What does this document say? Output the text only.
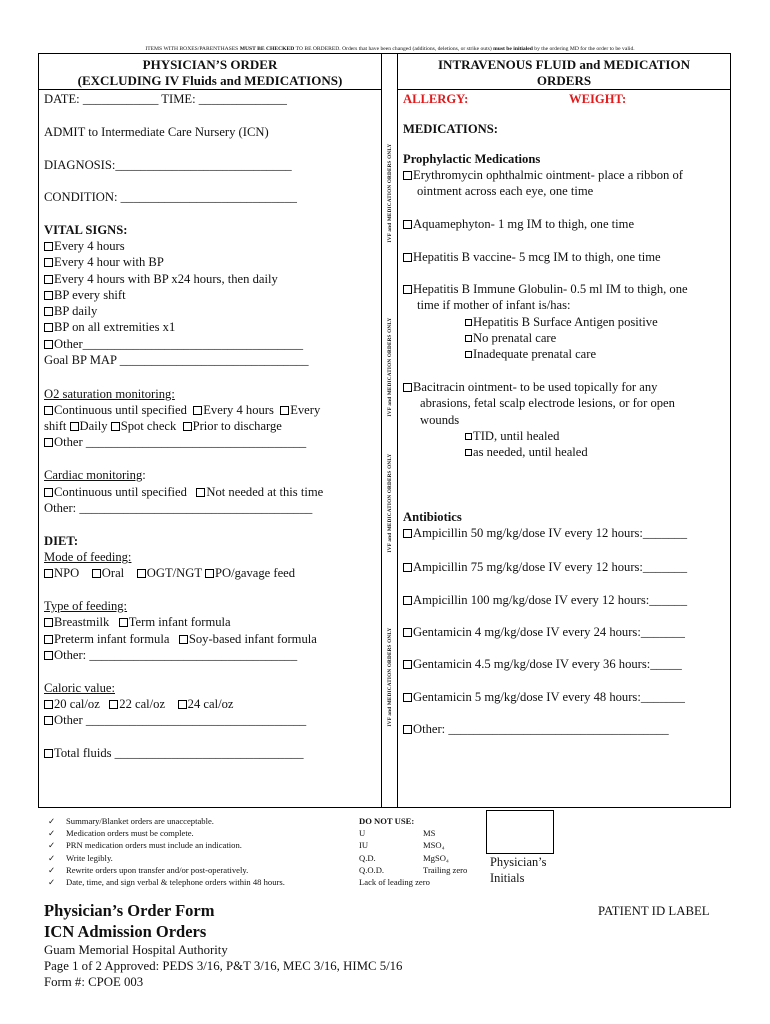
ITEMS WITH BOXES/PARENTHASES MUST BE CHECKED TO BE ORDERED. Orders that have been changed (additions, deletions, or strike outs) must be initialed by the ordering MD for the order to be valid.
IVF and MEDICATION ORDERS ONLY
IVF and MEDICATION ORDERS ONLY
IVF and MEDICATION ORDERS ONLY
IVF and MEDICATION ORDERS ONLY
PHYSICIAN’S ORDER
(EXCLUDING IV Fluids and MEDICATIONS)
DATE: ____________ TIME: ______________
ADMIT to Intermediate Care Nursery (ICN)
DIAGNOSIS:____________________________
CONDITION: ____________________________
VITAL SIGNS:
Every 4 hours
Every 4 hour with BP
Every 4 hours with BP x24 hours, then daily
BP every shift
BP daily
BP on all extremities x1
Other___________________________________
Goal BP MAP ______________________________
O2 saturation monitoring:
Continuous until specified Every 4 hours Every
shift Daily Spot check Prior to discharge
Other ___________________________________
Cardiac monitoring:
Continuous until specified Not needed at this time
Other: _____________________________________
DIET:
Mode of feeding:
NPO Oral OGT/NGT PO/gavage feed
Type of feeding:
Breastmilk Term infant formula
Preterm infant formula Soy-based infant formula
Other: _________________________________
Caloric value:
20 cal/oz 22 cal/oz 24 cal/oz
Other ___________________________________
Total fluids ______________________________
INTRAVENOUS FLUID and MEDICATION
ORDERS
ALLERGY:	WEIGHT:
MEDICATIONS:
Prophylactic Medications
Erythromycin ophthalmic ointment- place a ribbon of
ointment across each eye, one time
Aquamephyton- 1 mg IM to thigh, one time
Hepatitis B vaccine- 5 mcg IM to thigh, one time
Hepatitis B Immune Globulin- 0.5 ml IM to thigh, one
time if mother of infant is/has:
Hepatitis B Surface Antigen positive
No prenatal care
Inadequate prenatal care
Bacitracin ointment- to be used topically for any
abrasions, fetal scalp electrode lesions, or for open
wounds
TID, until healed
as needed, until healed
Antibiotics
Ampicillin 50 mg/kg/dose IV every 12 hours:_______
Ampicillin 75 mg/kg/dose IV every 12 hours:_______
Ampicillin 100 mg/kg/dose IV every 12 hours:______
Gentamicin 4 mg/kg/dose IV every 24 hours:_______
Gentamicin 4.5 mg/kg/dose IV every 36 hours:_____
Gentamicin 5 mg/kg/dose IV every 48 hours:_______
Other: ___________________________________
✓ Summary/Blanket orders are unacceptable.
✓ Medication orders must be complete.
✓ PRN medication orders must include an indication.
✓ Write legibly.
✓ Rewrite orders upon transfer and/or post-operatively.
✓ Date, time, and sign verbal & telephone orders within 48 hours.
DO NOT USE:
U	MS
IU	MSO₄
Q.D.	MgSO₄
Q.O.D.	Trailing zero
Lack of leading zero
Physician’s
Initials
Physician’s Order Form
ICN Admission Orders
Guam Memorial Hospital Authority
Page 1 of 2 Approved: PEDS 3/16, P&T 3/16, MEC 3/16, HIMC 5/16
Form #: CPOE 003
PATIENT ID LABEL
